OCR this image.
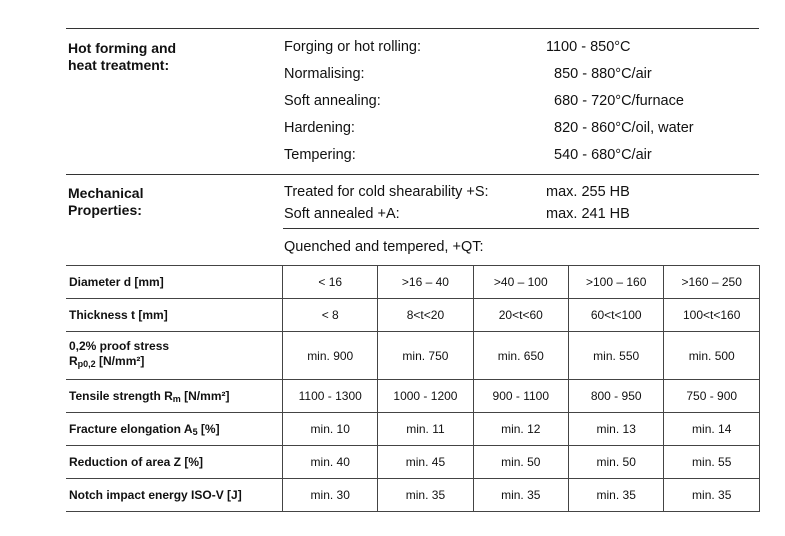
Hot forming and
heat treatment:
Forging or hot rolling:	1100 - 850°C
Normalising:	850 - 880°C/air
Soft annealing:	680 - 720°C/furnace
Hardening:	820 - 860°C/oil, water
Tempering:	540 - 680°C/air
Mechanical
Properties:
Treated for cold shearability +S:	max. 255 HB
Soft annealed +A:	max. 241 HB
Quenched and tempered, +QT:
Diameter d [mm]	< 16	>16 – 40	>40 – 100	>100 – 160	>160 – 250
Thickness t [mm]	< 8	8<t<20	20<t<60	60<t<100	100<t<160

0,2% proof stress
$R_{p0,2}$ [N/mm²]	min. 900	min. 750	min. 650	min. 550	min. 500
Tensile strength $R_m$ [N/mm²]	1100 - 1300	1000 - 1200	900 - 1100	800 - 950	750 - 900
Fracture elongation $A_5$ [%]	min. 10	min. 11	min. 12	min. 13	min. 14
Reduction of area Z [%]	min. 40	min. 45	min. 50	min. 50	min. 55
Notch impact energy ISO-V [J]	min. 30	min. 35	min. 35	min. 35	min. 35
